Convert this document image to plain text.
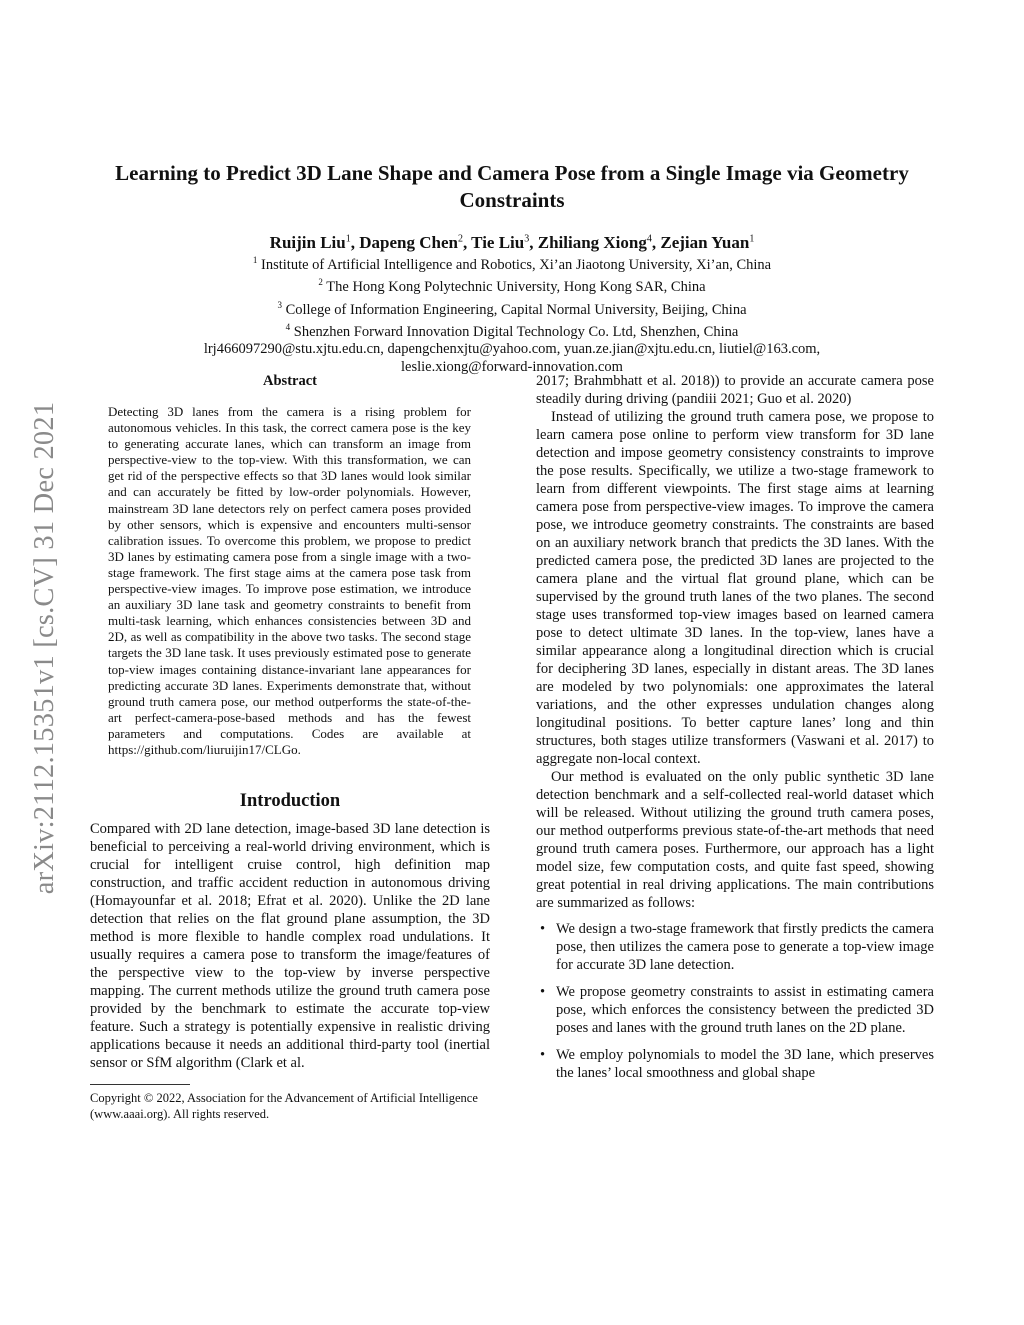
arXiv:2112.15351v1 [cs.CV] 31 Dec 2021
Learning to Predict 3D Lane Shape and Camera Pose from a Single Image via Geometry Constraints
Ruijin Liu$^1$, Dapeng Chen$^2$, Tie Liu$^3$, Zhiliang Xiong$^4$, Zejian Yuan$^1$
$^1$ Institute of Artificial Intelligence and Robotics, Xi’an Jiaotong University, Xi’an, China
$^2$ The Hong Kong Polytechnic University, Hong Kong SAR, China
$^3$ College of Information Engineering, Capital Normal University, Beijing, China
$^4$ Shenzhen Forward Innovation Digital Technology Co. Ltd, Shenzhen, China
lrj466097290@stu.xjtu.edu.cn, dapengchenxjtu@yahoo.com, yuan.ze.jian@xjtu.edu.cn, liutiel@163.com,
leslie.xiong@forward-innovation.com
Abstract

Detecting 3D lanes from the camera is a rising problem for autonomous vehicles. In this task, the correct camera pose is the key to generating accurate lanes, which can transform an image from perspective-view to the top-view. With this transformation, we can get rid of the perspective effects so that 3D lanes would look similar and can accurately be fitted by low-order polynomials. However, mainstream 3D lane detectors rely on perfect camera poses provided by other sensors, which is expensive and encounters multi-sensor calibration issues. To overcome this problem, we propose to predict 3D lanes by estimating camera pose from a single image with a two-stage framework. The first stage aims at the camera pose task from perspective-view images. To improve pose estimation, we introduce an auxiliary 3D lane task and geometry constraints to benefit from multi-task learning, which enhances consistencies between 3D and 2D, as well as compatibility in the above two tasks. The second stage targets the 3D lane task. It uses previously estimated pose to generate top-view images containing distance-invariant lane appearances for predicting accurate 3D lanes. Experiments demonstrate that, without ground truth camera pose, our method outperforms the state-of-the-art perfect-camera-pose-based methods and has the fewest parameters and computations. Codes are available at https://github.com/liuruijin17/CLGo.

Introduction

Compared with 2D lane detection, image-based 3D lane detection is beneficial to perceiving a real-world driving environment, which is crucial for intelligent cruise control, high definition map construction, and traffic accident reduction in autonomous driving (Homayounfar et al. 2018; Efrat et al. 2020). Unlike the 2D lane detection that relies on the flat ground plane assumption, the 3D method is more flexible to handle complex road undulations. It usually requires a camera pose to transform the image/features of the perspective view to the top-view by inverse perspective mapping. The current methods utilize the ground truth camera pose provided by the benchmark to estimate the accurate top-view feature. Such a strategy is potentially expensive in realistic driving applications because it needs an additional third-party tool (inertial sensor or SfM algorithm (Clark et al.

Copyright © 2022, Association for the Advancement of Artificial Intelligence (www.aaai.org). All rights reserved.

2017; Brahmbhatt et al. 2018)) to provide an accurate camera pose steadily during driving (pandiii 2021; Guo et al. 2020)

Instead of utilizing the ground truth camera pose, we propose to learn camera pose online to perform view transform for 3D lane detection and impose geometry consistency constraints to improve the pose results. Specifically, we utilize a two-stage framework to learn from different viewpoints. The first stage aims at learning camera pose from perspective-view images. To improve the camera pose, we introduce geometry constraints. The constraints are based on an auxiliary network branch that predicts the 3D lanes. With the predicted camera pose, the predicted 3D lanes are projected to the camera plane and the virtual flat ground plane, which can be supervised by the ground truth lanes of the two planes. The second stage uses transformed top-view images based on learned camera pose to detect ultimate 3D lanes. In the top-view, lanes have a similar appearance along a longitudinal direction which is crucial for deciphering 3D lanes, especially in distant areas. The 3D lanes are modeled by two polynomials: one approximates the lateral variations, and the other expresses undulation changes along longitudinal positions. To better capture lanes’ long and thin structures, both stages utilize transformers (Vaswani et al. 2017) to aggregate non-local context.

Our method is evaluated on the only public synthetic 3D lane detection benchmark and a self-collected real-world dataset which will be released. Without utilizing the ground truth camera poses, our method outperforms previous state-of-the-art methods that need ground truth camera poses. Furthermore, our approach has a light model size, few computation costs, and quite fast speed, showing great potential in real driving applications. The main contributions are summarized as follows:

• We design a two-stage framework that firstly predicts the camera pose, then utilizes the camera pose to generate a top-view image for accurate 3D lane detection.
• We propose geometry constraints to assist in estimating camera pose, which enforces the consistency between the predicted 3D poses and lanes with the ground truth lanes on the 2D plane.
• We employ polynomials to model the 3D lane, which preserves the lanes’ local smoothness and global shape
